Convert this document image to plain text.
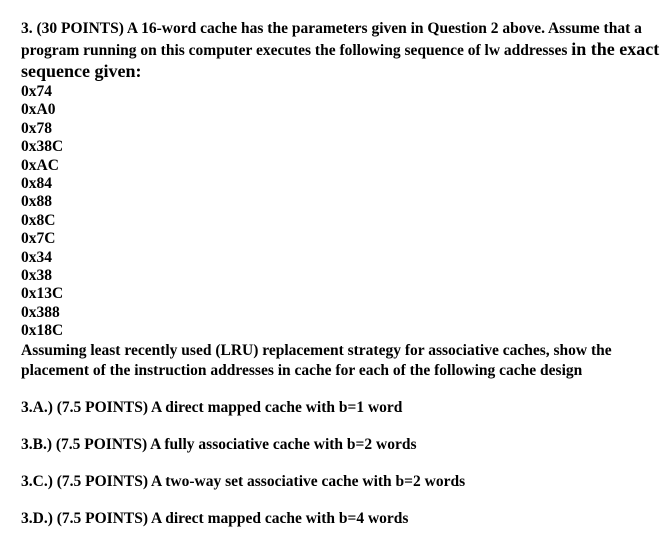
3. (30 POINTS) A 16-word cache has the parameters given in Question 2 above. Assume that a program running on this computer executes the following sequence of lw addresses in the exact sequence given:

0x74
0xA0
0x78
0x38C
0xAC
0x84
0x88
0x8C
0x7C
0x34
0x38
0x13C
0x388
0x18C

Assuming least recently used (LRU) replacement strategy for associative caches, show the placement of the instruction addresses in cache for each of the following cache design

3.A.) (7.5 POINTS) A direct mapped cache with b=1 word

3.B.) (7.5 POINTS) A fully associative cache with b=2 words

3.C.) (7.5 POINTS) A two-way set associative cache with b=2 words

3.D.) (7.5 POINTS) A direct mapped cache with b=4 words
